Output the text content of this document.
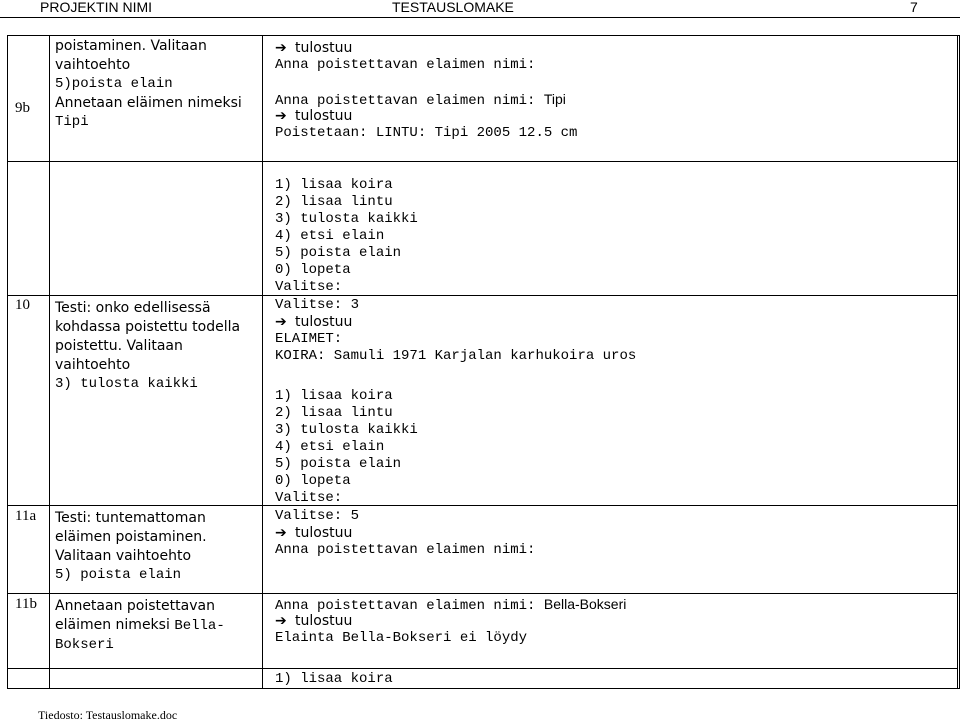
PROJEKTIN NIMI	TESTAUSLOMAKE	7
9b
poistaminen. Valitaan
vaihtoehto
5)poista elain
Annetaan eläimen nimeksi
Tipi
➔ tulostuu
Anna poistettavan elaimen nimi:
Anna poistettavan elaimen nimi: Tipi
➔ tulostuu
Poistetaan: LINTU: Tipi 2005 12.5 cm
1) lisaa koira
2) lisaa lintu
3) tulosta kaikki
4) etsi elain
5) poista elain
0) lopeta
Valitse:
10 Testi: onko edellisessä
kohdassa poistettu todella
poistettu. Valitaan
vaihtoehto
3) tulosta kaikki
Valitse: 3
➔ tulostuu
ELAIMET:
KOIRA: Samuli 1971 Karjalan karhukoira uros
1) lisaa koira
2) lisaa lintu
3) tulosta kaikki
4) etsi elain
5) poista elain
0) lopeta
Valitse:
11a Testi: tuntemattoman
eläimen poistaminen.
Valitaan vaihtoehto
5) poista elain
Valitse: 5
➔ tulostuu
Anna poistettavan elaimen nimi:
11b Annetaan poistettavan
eläimen nimeksi Bella-
Bokseri
Anna poistettavan elaimen nimi: Bella-Bokseri
➔ tulostuu
Elainta Bella-Bokseri ei löydy
1) lisaa koira
Tiedosto: Testauslomake.doc
